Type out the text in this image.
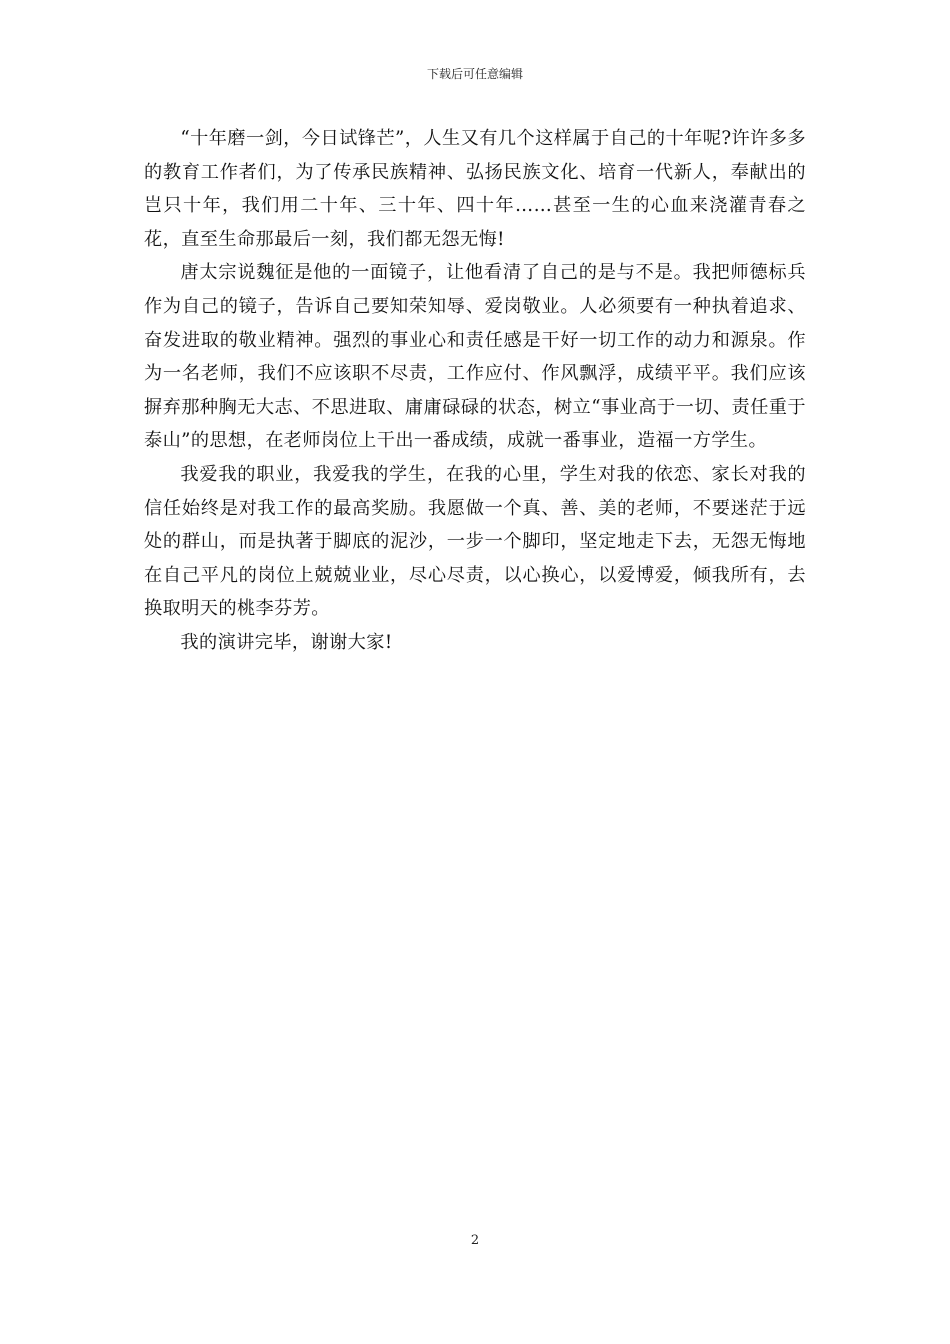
下载后可任意编辑

“十年磨一剑，今日试锋芒”，人生又有几个这样属于自己的十年呢?许许多多的教育工作者们，为了传承民族精神、弘扬民族文化、培育一代新人，奉献出的岂只十年，我们用二十年、三十年、四十年……甚至一生的心血来浇灌青春之花，直至生命那最后一刻，我们都无怨无悔!

唐太宗说魏征是他的一面镜子，让他看清了自己的是与不是。我把师德标兵作为自己的镜子，告诉自己要知荣知辱、爱岗敬业。人必须要有一种执着追求、奋发进取的敬业精神。强烈的事业心和责任感是干好一切工作的动力和源泉。作为一名老师，我们不应该职不尽责，工作应付、作风飘浮，成绩平平。我们应该摒弃那种胸无大志、不思进取、庸庸碌碌的状态，树立“事业高于一切、责任重于泰山”的思想，在老师岗位上干出一番成绩，成就一番事业，造福一方学生。

我爱我的职业，我爱我的学生，在我的心里，学生对我的依恋、家长对我的信任始终是对我工作的最高奖励。我愿做一个真、善、美的老师，不要迷茫于远处的群山，而是执著于脚底的泥沙，一步一个脚印，坚定地走下去，无怨无悔地在自己平凡的岗位上兢兢业业，尽心尽责，以心换心，以爱博爱，倾我所有，去换取明天的桃李芬芳。

我的演讲完毕，谢谢大家!

2
